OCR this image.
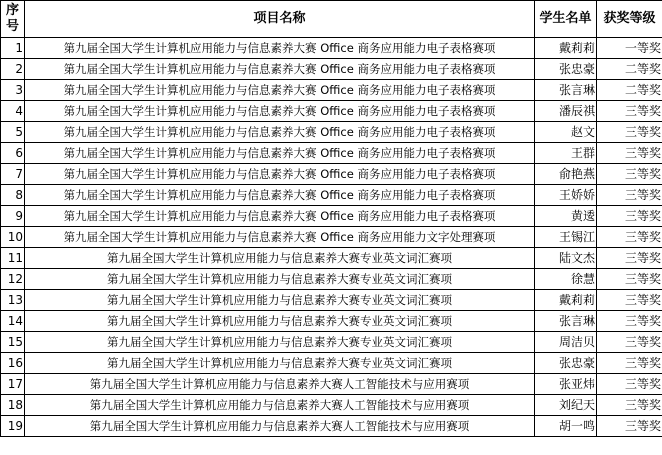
序号	项目名称	学生名单	获奖等级
1	第九届全国大学生计算机应用能力与信息素养大赛 Office 商务应用能力电子表格赛项	戴莉莉	一等奖
2	第九届全国大学生计算机应用能力与信息素养大赛 Office 商务应用能力电子表格赛项	张忠豪	二等奖
3	第九届全国大学生计算机应用能力与信息素养大赛 Office 商务应用能力电子表格赛项	张言琳	二等奖
4	第九届全国大学生计算机应用能力与信息素养大赛 Office 商务应用能力电子表格赛项	潘辰祺	三等奖
5	第九届全国大学生计算机应用能力与信息素养大赛 Office 商务应用能力电子表格赛项	赵文	三等奖
6	第九届全国大学生计算机应用能力与信息素养大赛 Office 商务应用能力电子表格赛项	王群	三等奖
7	第九届全国大学生计算机应用能力与信息素养大赛 Office 商务应用能力电子表格赛项	俞艳燕	三等奖
8	第九届全国大学生计算机应用能力与信息素养大赛 Office 商务应用能力电子表格赛项	王娇娇	三等奖
9	第九届全国大学生计算机应用能力与信息素养大赛 Office 商务应用能力电子表格赛项	黄逶	三等奖
10	第九届全国大学生计算机应用能力与信息素养大赛 Office 商务应用能力文字处理赛项	王锡江	三等奖
11	第九届全国大学生计算机应用能力与信息素养大赛专业英文词汇赛项	陆文杰	三等奖
12	第九届全国大学生计算机应用能力与信息素养大赛专业英文词汇赛项	徐慧	三等奖
13	第九届全国大学生计算机应用能力与信息素养大赛专业英文词汇赛项	戴莉莉	三等奖
14	第九届全国大学生计算机应用能力与信息素养大赛专业英文词汇赛项	张言琳	三等奖
15	第九届全国大学生计算机应用能力与信息素养大赛专业英文词汇赛项	周洁贝	三等奖
16	第九届全国大学生计算机应用能力与信息素养大赛专业英文词汇赛项	张忠豪	三等奖
17	第九届全国大学生计算机应用能力与信息素养大赛人工智能技术与应用赛项	张亚炜	三等奖
18	第九届全国大学生计算机应用能力与信息素养大赛人工智能技术与应用赛项	刘纪天	三等奖
19	第九届全国大学生计算机应用能力与信息素养大赛人工智能技术与应用赛项	胡一鸣	三等奖
